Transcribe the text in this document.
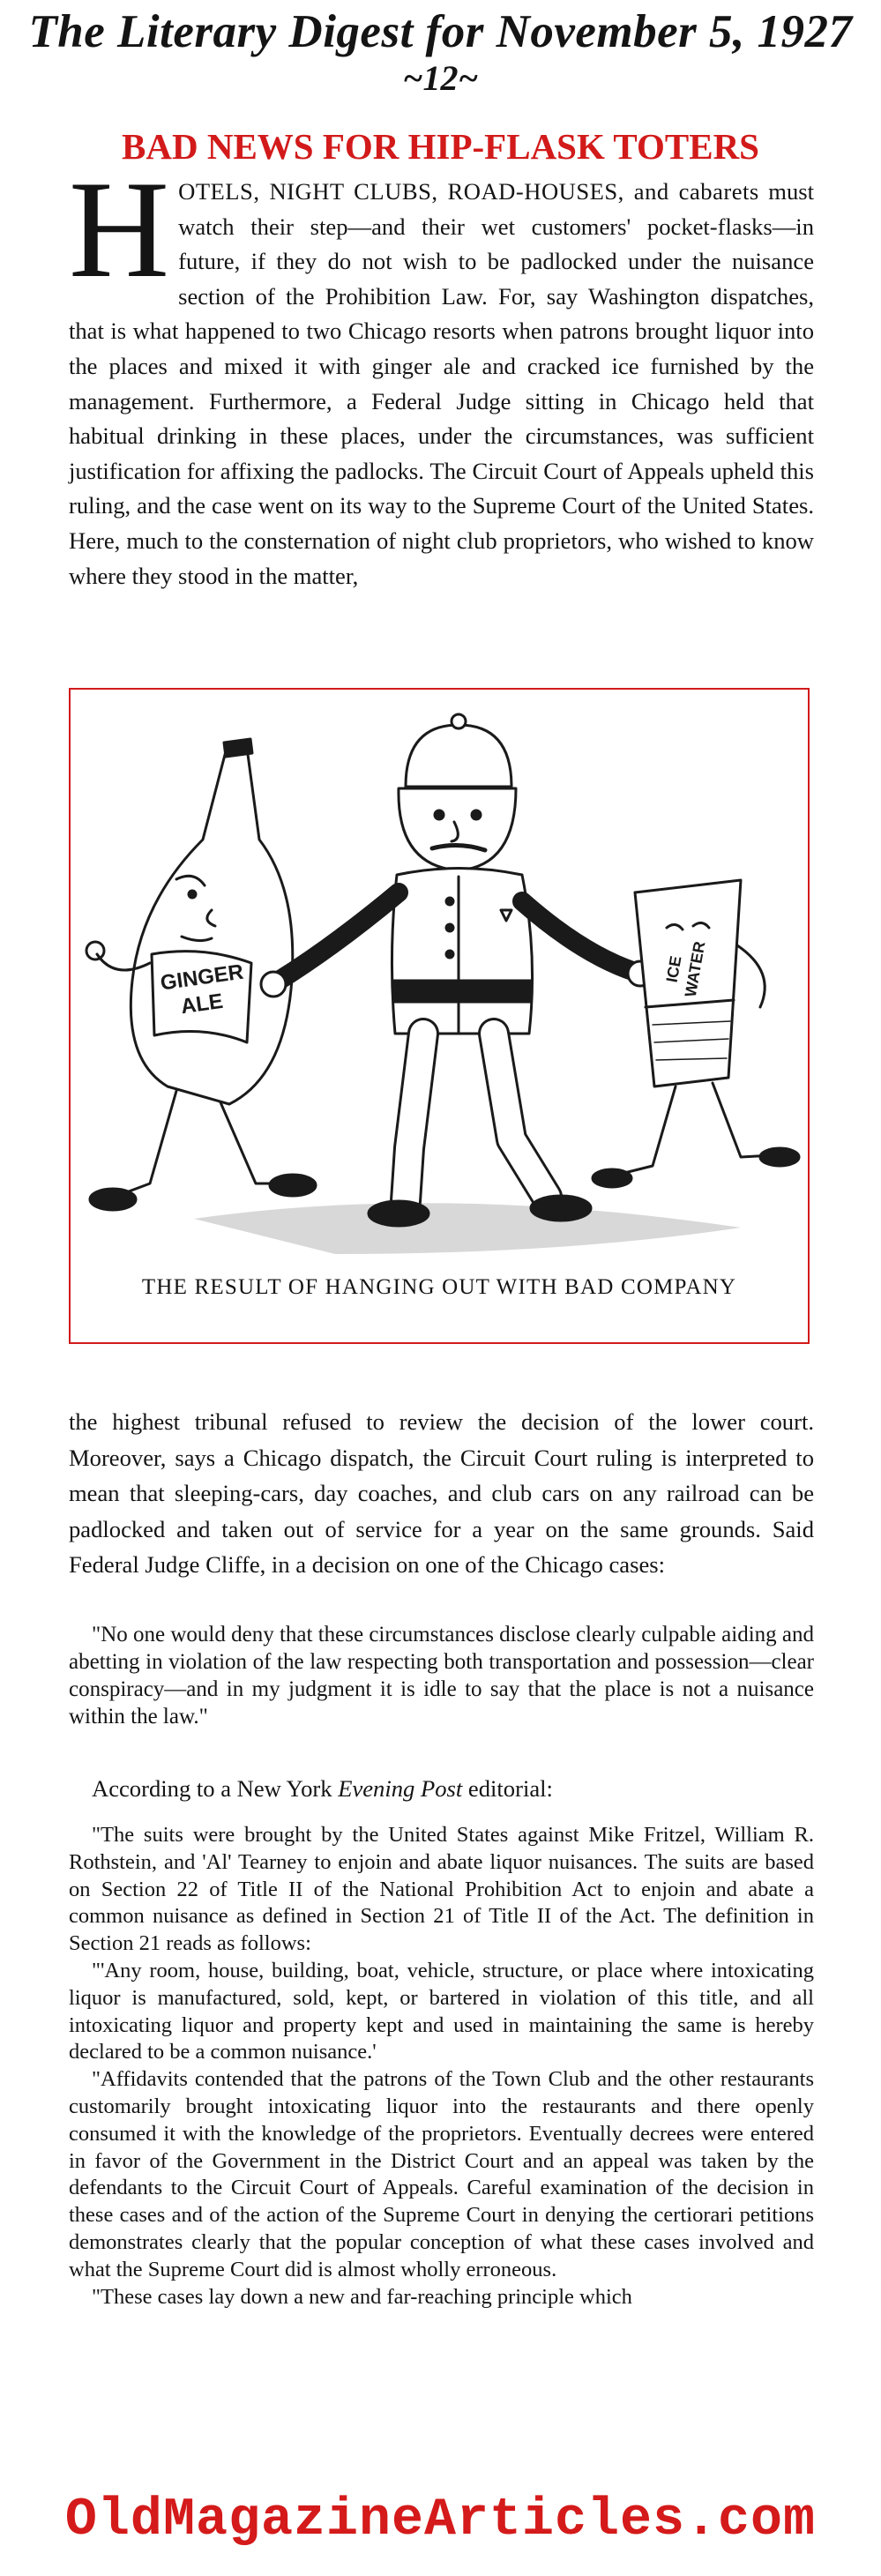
The Literary Digest for November 5, 1927
~12~
BAD NEWS FOR HIP-FLASK TOTERS
HOTELS, NIGHT CLUBS, ROAD-HOUSES, and cabarets must watch their step—and their wet customers' pocket-flasks—in future, if they do not wish to be padlocked under the nuisance section of the Prohibition Law. For, say Washington dispatches, that is what happened to two Chicago resorts when patrons brought liquor into the places and mixed it with ginger ale and cracked ice furnished by the management. Furthermore, a Federal Judge sitting in Chicago held that habitual drinking in these places, under the circumstances, was sufficient justification for affixing the padlocks. The Circuit Court of Appeals upheld this ruling, and the case went on its way to the Supreme Court of the United States. Here, much to the consternation of night club proprietors, who wished to know where they stood in the matter,
GINGER
ALE
ICE
WATER
THE RESULT OF HANGING OUT WITH BAD COMPANY
the highest tribunal refused to review the decision of the lower court. Moreover, says a Chicago dispatch, the Circuit Court ruling is interpreted to mean that sleeping-cars, day coaches, and club cars on any railroad can be padlocked and taken out of service for a year on the same grounds. Said Federal Judge Cliffe, in a decision on one of the Chicago cases:
"No one would deny that these circumstances disclose clearly culpable aiding and abetting in violation of the law respecting both transportation and possession—clear conspiracy—and in my judgment it is idle to say that the place is not a nuisance within the law."
According to a New York Evening Post editorial:

"The suits were brought by the United States against Mike Fritzel, William R. Rothstein, and 'Al' Tearney to enjoin and abate liquor nuisances. The suits are based on Section 22 of Title II of the National Prohibition Act to enjoin and abate a common nuisance as defined in Section 21 of Title II of the Act. The definition in Section 21 reads as follows:

"'Any room, house, building, boat, vehicle, structure, or place where intoxicating liquor is manufactured, sold, kept, or bartered in violation of this title, and all intoxicating liquor and property kept and used in maintaining the same is hereby declared to be a common nuisance.'

"Affidavits contended that the patrons of the Town Club and the other restaurants customarily brought intoxicating liquor into the restaurants and there openly consumed it with the knowledge of the proprietors. Eventually decrees were entered in favor of the Government in the District Court and an appeal was taken by the defendants to the Circuit Court of Appeals. Careful examination of the decision in these cases and of the action of the Supreme Court in denying the certiorari petitions demonstrates clearly that the popular conception of what these cases involved and what the Supreme Court did is almost wholly erroneous.

"These cases lay down a new and far-reaching principle which

OldMagazineArticles.com
